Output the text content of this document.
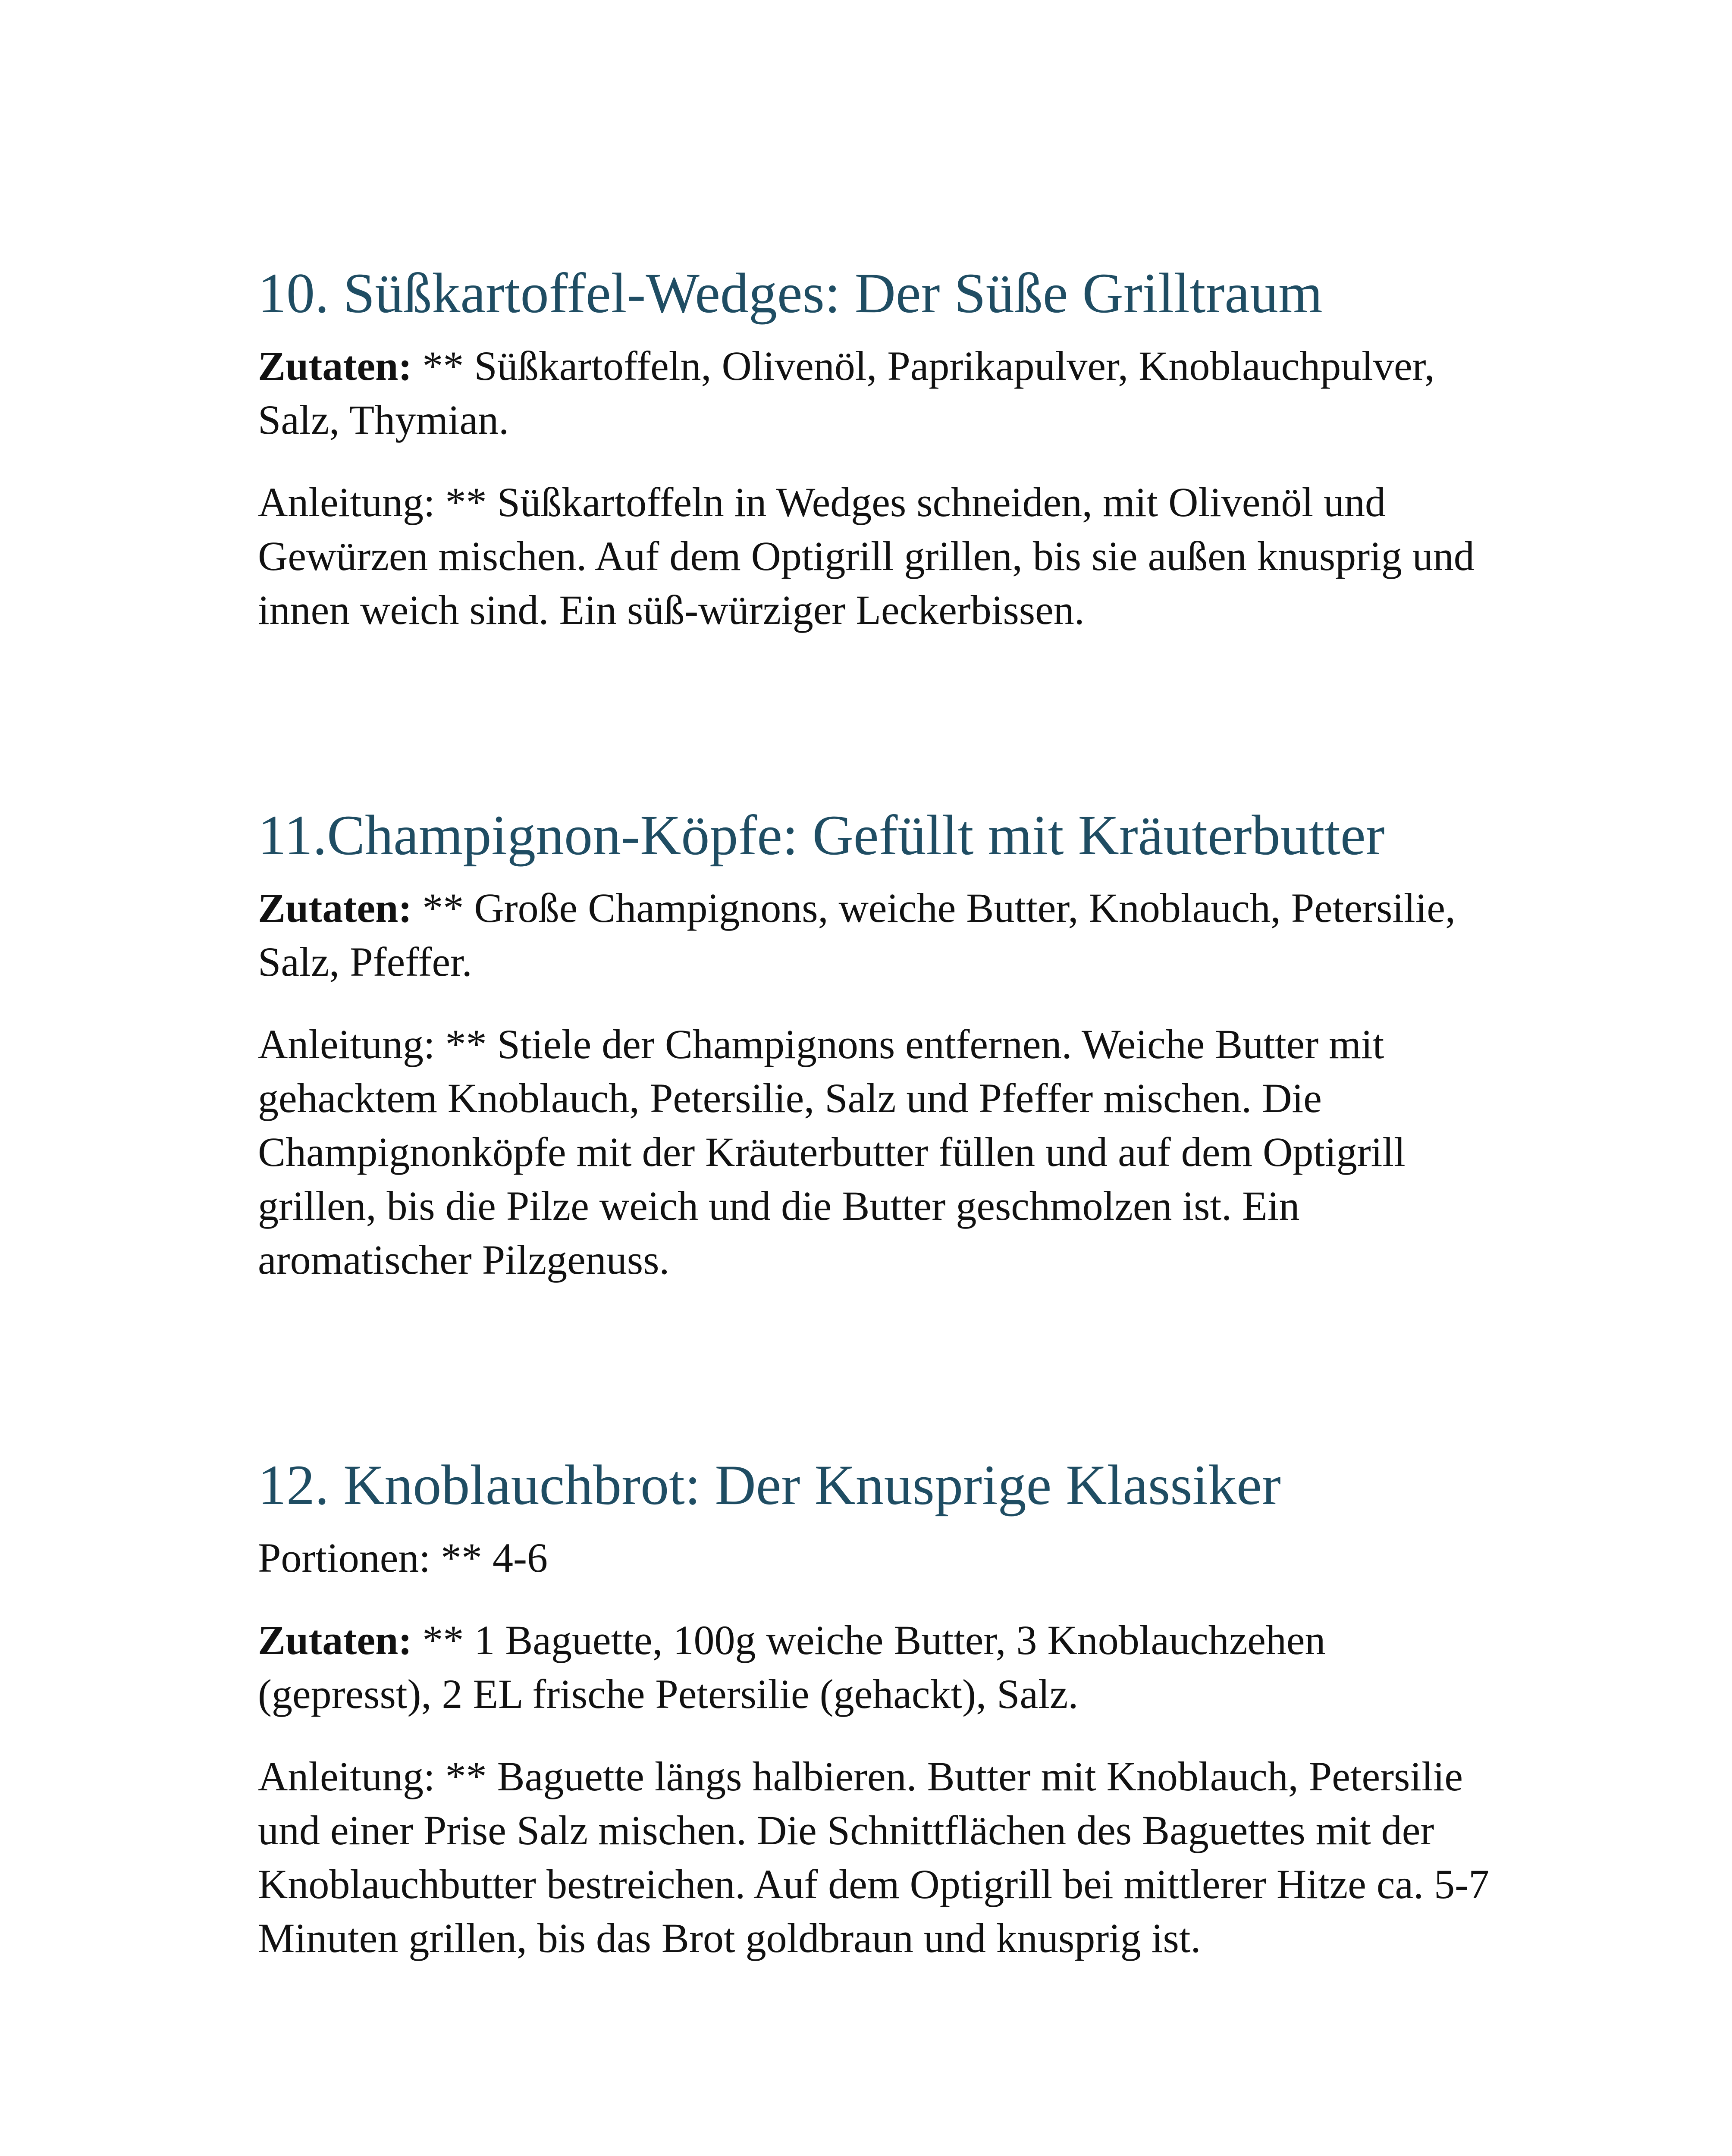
10. Süßkartoffel-Wedges: Der Süße Grilltraum

Zutaten: ** Süßkartoffeln, Olivenöl, Paprikapulver, Knoblauchpulver, Salz, Thymian.

Anleitung: ** Süßkartoffeln in Wedges schneiden, mit Olivenöl und Gewürzen mischen. Auf dem Optigrill grillen, bis sie außen knusprig und innen weich sind. Ein süß-würziger Leckerbissen.

11.Champignon-Köpfe: Gefüllt mit Kräuterbutter

Zutaten: ** Große Champignons, weiche Butter, Knoblauch, Petersilie, Salz, Pfeffer.

Anleitung: ** Stiele der Champignons entfernen. Weiche Butter mit gehacktem Knoblauch, Petersilie, Salz und Pfeffer mischen. Die Champignonköpfe mit der Kräuterbutter füllen und auf dem Optigrill grillen, bis die Pilze weich und die Butter geschmolzen ist. Ein aromatischer Pilzgenuss.

12. Knoblauchbrot: Der Knusprige Klassiker

Portionen: ** 4-6

Zutaten: ** 1 Baguette, 100g weiche Butter, 3 Knoblauchzehen (gepresst), 2 EL frische Petersilie (gehackt), Salz.

Anleitung: ** Baguette längs halbieren. Butter mit Knoblauch, Petersilie und einer Prise Salz mischen. Die Schnittflächen des Baguettes mit der Knoblauchbutter bestreichen. Auf dem Optigrill bei mittlerer Hitze ca. 5-7 Minuten grillen, bis das Brot goldbraun und knusprig ist.
